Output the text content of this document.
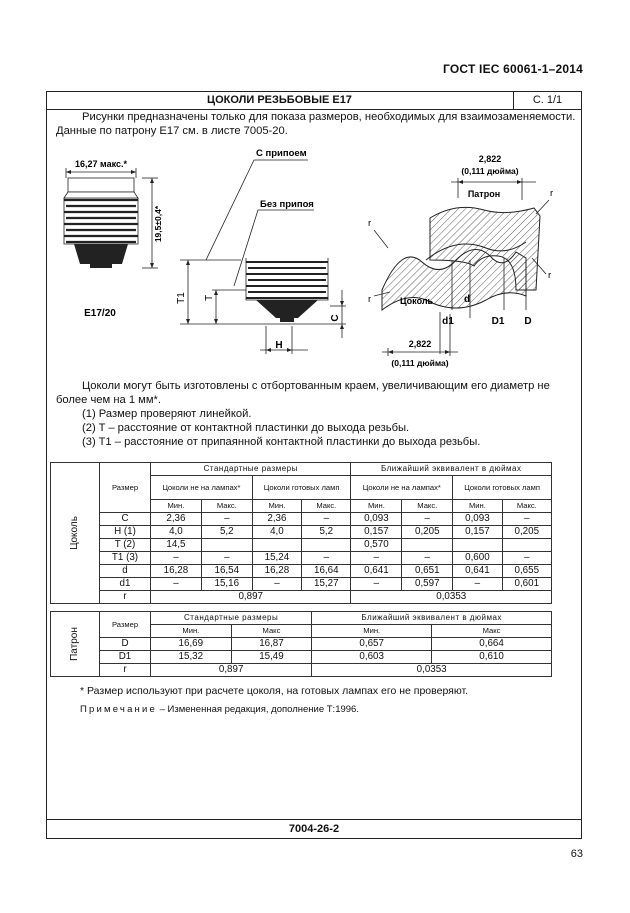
ГОСТ IEC 60061-1–2014
ЦОКОЛИ РЕЗЬБОВЫЕ E17	С. 1/1
Рисунки предназначены только для показа размеров, необходимых для взаимозаменяемости. Данные по патрону E17 см. в листе 7005-20.
16,27 макс.*
19,5±0,4*
E17/20
С припоем
Без припоя
T1 T
C
H
2,822
(0,111 дюйма)
Патрон	r
r
r
r	Цоколь	d
d1	D1 D
2,822
(0,111 дюйма)

Цоколи могут быть изготовлены с отбортованным краем, увеличивающим его диаметр не более чем на 1 мм*.

(1) Размер проверяют линейкой.

(2) T – расстояние от контактной пластинки до выхода резьбы.

(3) T1 – расстояние от припаянной контактной пластинки до выхода резьбы.

Цоколь	Размер	Стандартные размеры				Ближайший эквивалент в дюймах			
		Цоколи не на лампах*		Цоколи готовых ламп		Цоколи не на лампах*		Цоколи готовых ламп	
		Мин.	Макс.	Мин.	Макс.	Мин.	Макс.	Мин.	Макс.
	C	2,36	–	2,36	–	0,093	–	0,093	–
	H (1)	4,0	5,2	4,0	5,2	0,157	0,205	0,157	0,205
	T (2)	14,5				0,570			
	T1 (3)	–	–	15,24	–	–	–	0,600	–
	d	16,28	16,54	16,28	16,64	0,641	0,651	0,641	0,655
	d1	–	15,16	–	15,27	–	0,597	–	0,601
	r	0,897				0,0353			
Патрон	Размер	Стандартные размеры		Ближайший эквивалент в дюймах	
		Мин.	Макс	Мин.	Макс
	D	16,69	16,87	0,657	0,664
	D1	15,32	15,49	0,603	0,610
	r	0,897		0,0353	
* Размер используют при расчете цоколя, на готовых лампах его не проверяют.
Примечание – Измененная редакция, дополнение Т:1996.
7004-26-2
63
